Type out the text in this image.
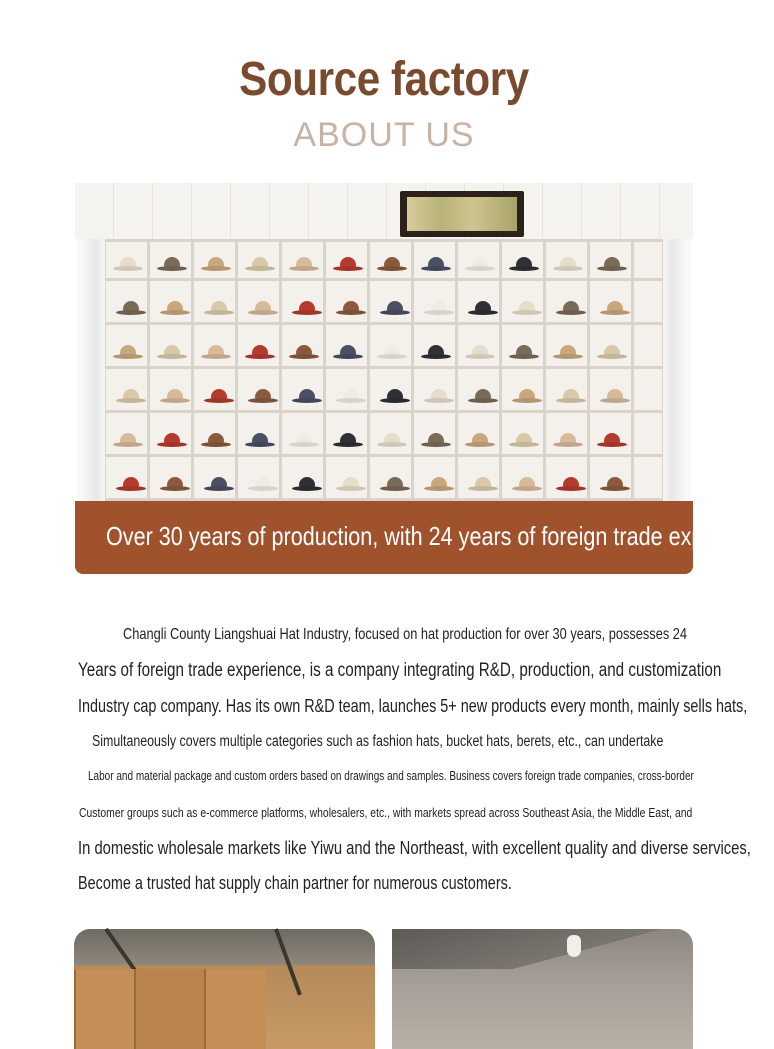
Source factory
ABOUT US
Over 30 years of production, with 24 years of foreign trade experience
Changli County Liangshuai Hat Industry, focused on hat production for over 30 years, possesses 24
Years of foreign trade experience, is a company integrating R&D, production, and customization
Industry cap company. Has its own R&D team, launches 5+ new products every month, mainly sells hats,
Simultaneously covers multiple categories such as fashion hats, bucket hats, berets, etc., can undertake
Labor and material package and custom orders based on drawings and samples. Business covers foreign trade companies, cross-border
Customer groups such as e-commerce platforms, wholesalers, etc., with markets spread across Southeast Asia, the Middle East, and
In domestic wholesale markets like Yiwu and the Northeast, with excellent quality and diverse services,
Become a trusted hat supply chain partner for numerous customers.
